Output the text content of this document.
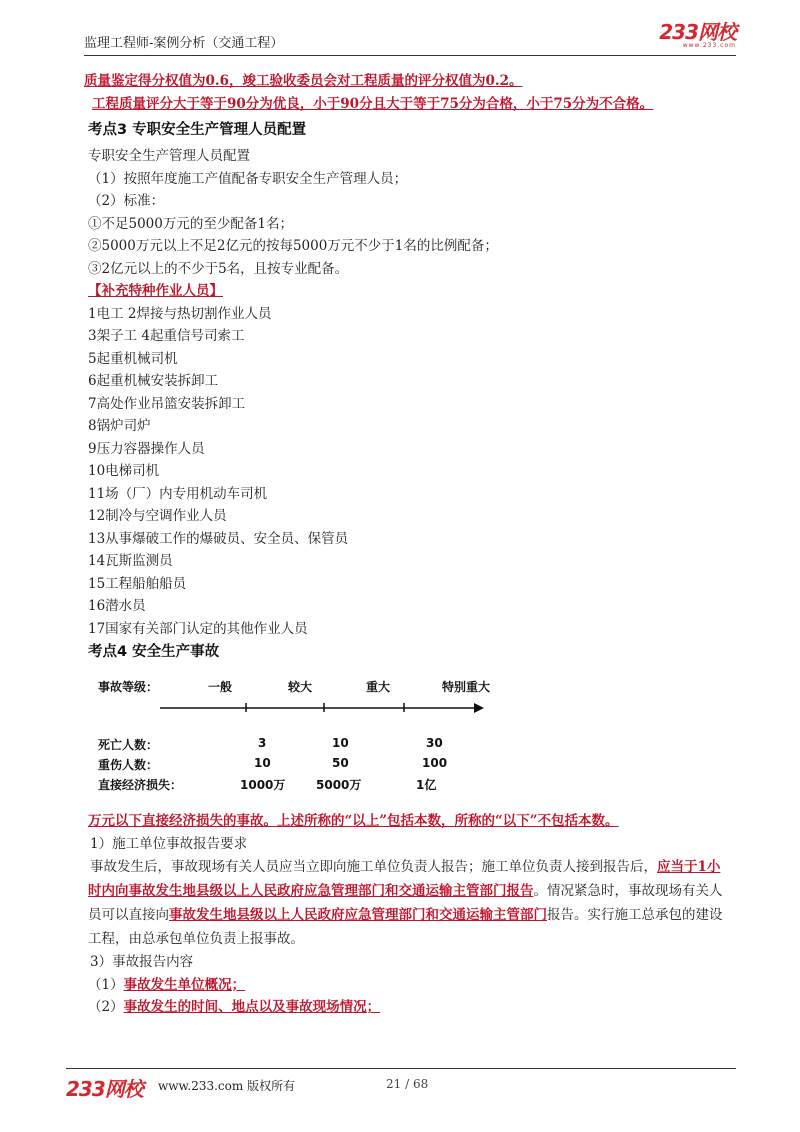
监理工程师-案例分析（交通工程）	233网校
www.233.com
质量鉴定得分权值为0.6，竣工验收委员会对工程质量的评分权值为0.2。
工程质量评分大于等于90分为优良，小于90分且大于等于75分为合格，小于75分为不合格。
考点3 专职安全生产管理人员配置
专职安全生产管理人员配置
（1）按照年度施工产值配备专职安全生产管理人员；
（2）标准：
①不足5000万元的至少配备1名；
②5000万元以上不足2亿元的按每5000万元不少于1名的比例配备；
③2亿元以上的不少于5名，且按专业配备。
【补充特种作业人员】
1电工 2焊接与热切割作业人员
3架子工 4起重信号司索工
5起重机械司机
6起重机械安装拆卸工
7高处作业吊篮安装拆卸工
8锅炉司炉
9压力容器操作人员
10电梯司机
11场（厂）内专用机动车司机
12制冷与空调作业人员
13从事爆破工作的爆破员、安全员、保管员
14瓦斯监测员
15工程船舶船员
16潜水员
17国家有关部门认定的其他作业人员
考点4 安全生产事故
事故等级：	一般	较大	重大	特别重大
死亡人数：	3	10	30
重伤人数：	10	50	100
直接经济损失：	1000万	5000万	1亿
万元以下直接经济损失的事故。上述所称的“以上”包括本数，所称的“以下”不包括本数。
1）施工单位事故报告要求
事故发生后，事故现场有关人员应当立即向施工单位负责人报告；施工单位负责人接到报告后，应当于1小时内向事故发生地县级以上人民政府应急管理部门和交通运输主管部门报告。情况紧急时，事故现场有关人员可以直接向事故发生地县级以上人民政府应急管理部门和交通运输主管部门报告。实行施工总承包的建设工程，由总承包单位负责上报事故。
3）事故报告内容
（1）事故发生单位概况；
（2）事故发生的时间、地点以及事故现场情况；
233网校 www.233.com 版权所有	21 / 68
